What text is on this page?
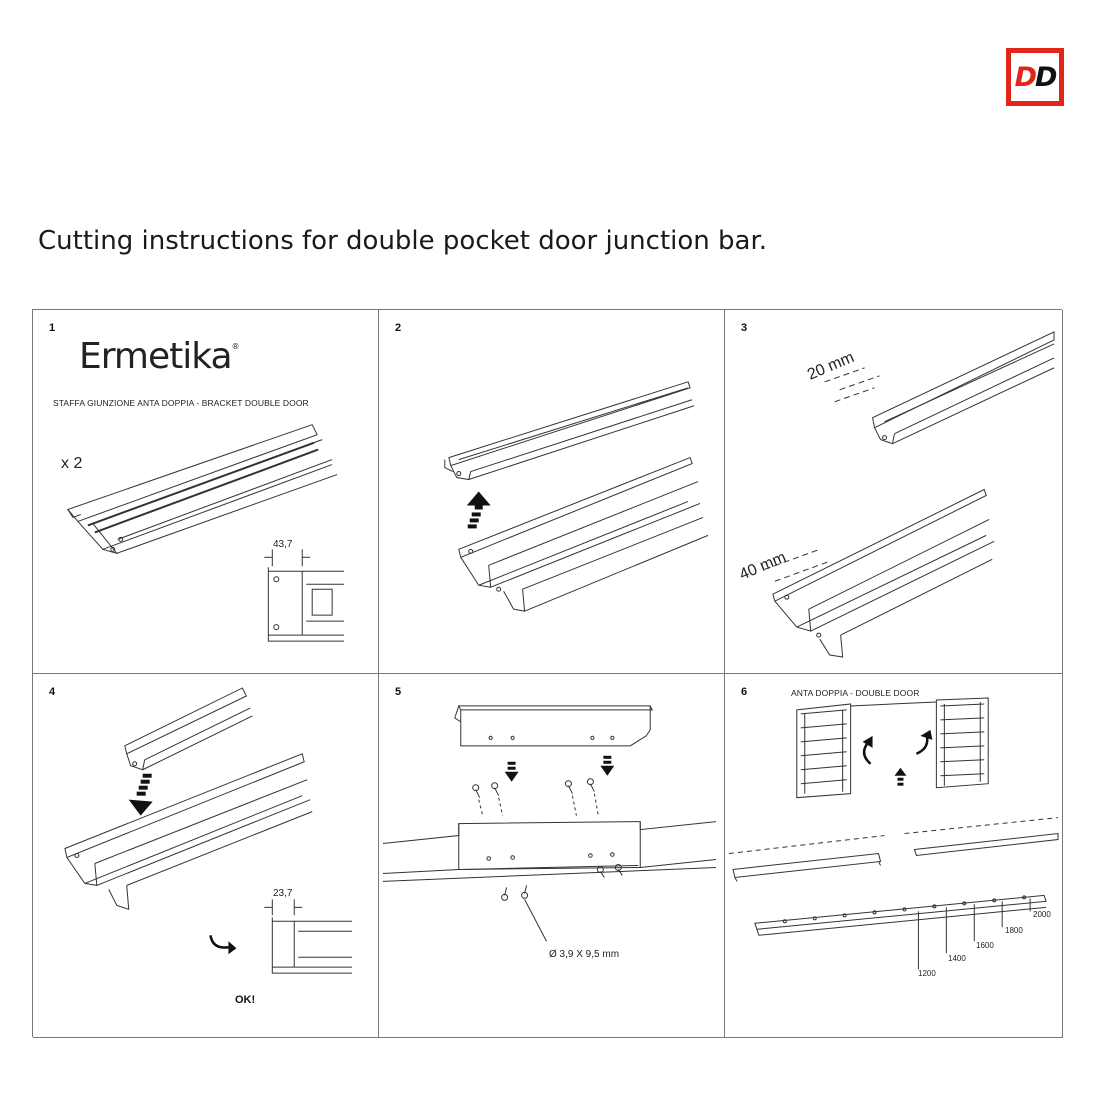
DD
Cutting instructions for double pocket door junction bar.
1
Ermetika®
STAFFA GIUNZIONE ANTA DOPPIA - BRACKET DOUBLE DOOR
x 2
43,7
2	3
20 mm
40 mm
4
23,7
OK!
5
Ø 3,9 X 9,5 mm
6	ANTA DOPPIA - DOUBLE DOOR
1200
1400
1600
1800
2000
